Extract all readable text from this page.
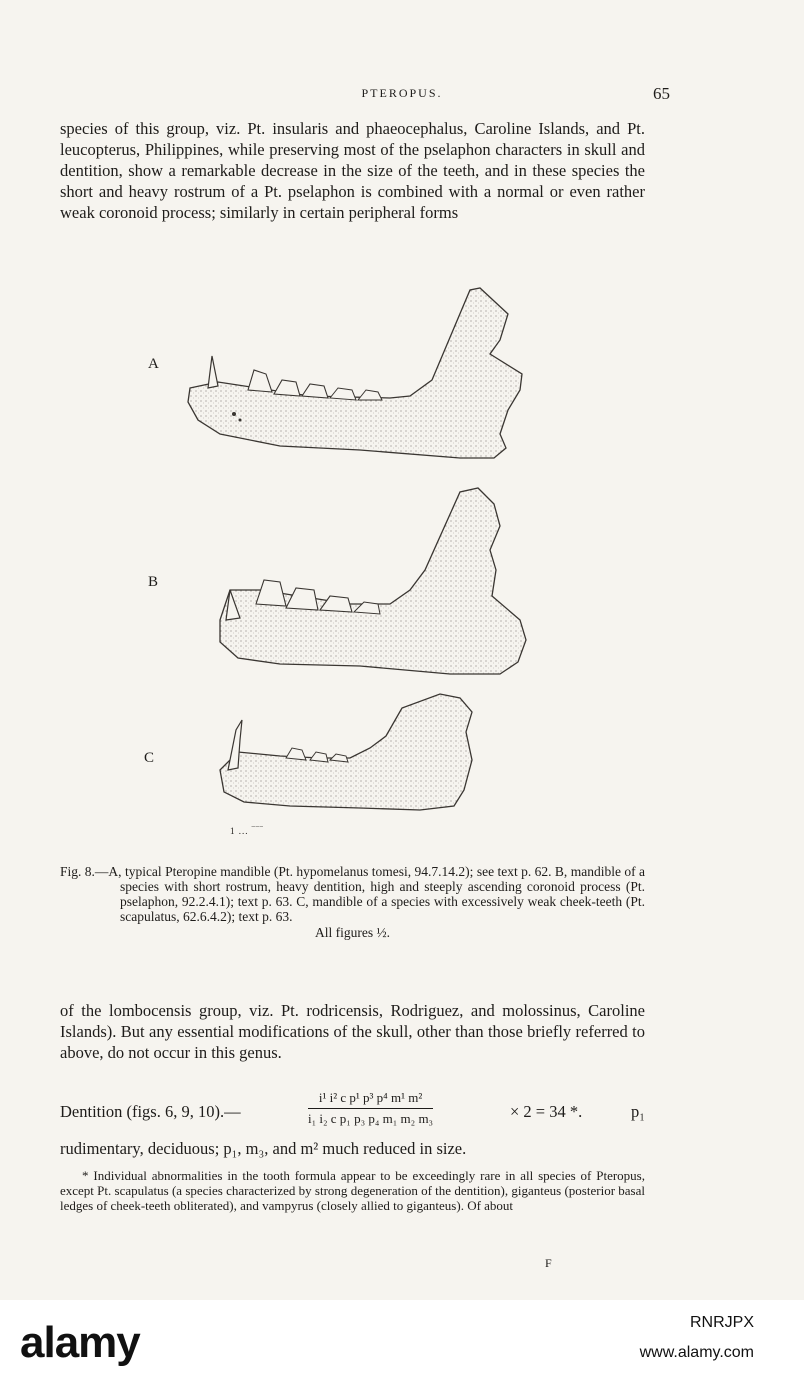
PTEROPUS.	65
species of this group, viz. Pt. insularis and phaeocephalus, Caroline Islands, and Pt. leucopterus, Philippines, while preserving most of the pselaphon characters in skull and dentition, show a remarkable decrease in the size of the teeth, and in these species the short and heavy rostrum of a Pt. pselaphon is combined with a normal or even rather weak coronoid process; similarly in certain peripheral forms
A
B
C
1 ... ‾‾‾
Fig. 8.—A, typical Pteropine mandible (Pt. hypomelanus tomesi, 94.7.14.2); see text p. 62. B, mandible of a species with short rostrum, heavy dentition, high and steeply ascending coronoid process (Pt. pselaphon, 92.2.4.1); text p. 63. C, mandible of a species with excessively weak cheek-teeth (Pt. scapulatus, 62.6.4.2); text p. 63.
All figures ½.
of the lombocensis group, viz. Pt. rodricensis, Rodriguez, and molossinus, Caroline Islands). But any essential modifications of the skull, other than those briefly referred to above, do not occur in this genus.
Dentition (figs. 6, 9, 10).—	$\frac{\text{i¹ i² c p¹ p³ p⁴ m¹ m²}}{\text{i₁ i₂ c p₁ p₃ p₄ m₁ m₂ m₃}}$	× 2 = 34 *.	p₁
rudimentary, deciduous; p₁, m₃, and m² much reduced in size.
* Individual abnormalities in the tooth formula appear to be exceedingly rare in all species of Pteropus, except Pt. scapulatus (a species characterized by strong degeneration of the dentition), giganteus (posterior basal ledges of cheek-teeth obliterated), and vampyrus (closely allied to giganteus). Of about
F
alamy	RNRJPX
www.alamy.com
